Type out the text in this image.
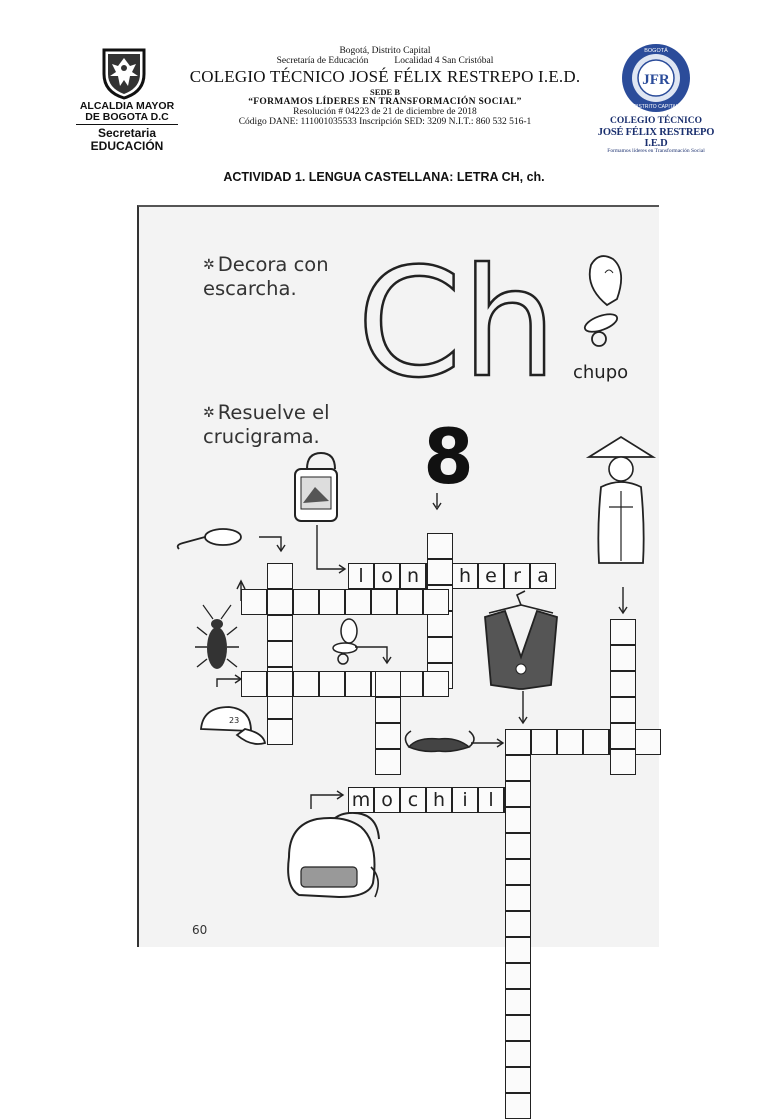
ALCALDIA MAYOR
DE BOGOTA D.C
Secretaria
EDUCACIÓN
Bogotá, Distrito Capital
Secretaría de Educación	Localidad 4 San Cristóbal
COLEGIO TÉCNICO JOSÉ FÉLIX RESTREPO I.E.D.
SEDE B
“FORMAMOS LÍDERES EN TRANSFORMACIÓN SOCIAL”
Resolución # 04223 de 21 de diciembre de 2018
Código DANE: 111001035533 Inscripción SED: 3209 N.I.T.: 860 532 516-1
JFR
BOGOTÁ
DISTRITO CAPITAL
COLEGIO TÉCNICO
JOSÉ FÉLIX RESTREPO I.E.D
Formamos líderes en Transformación Social
ACTIVIDAD 1. LENGUA CASTELLANA: LETRA CH, ch.
Ch
23
✲ Decora con
escarcha.
chupo
✲ Resuelve el
crucigrama. 8
60
l o n	h e r a
m o c h i	l
